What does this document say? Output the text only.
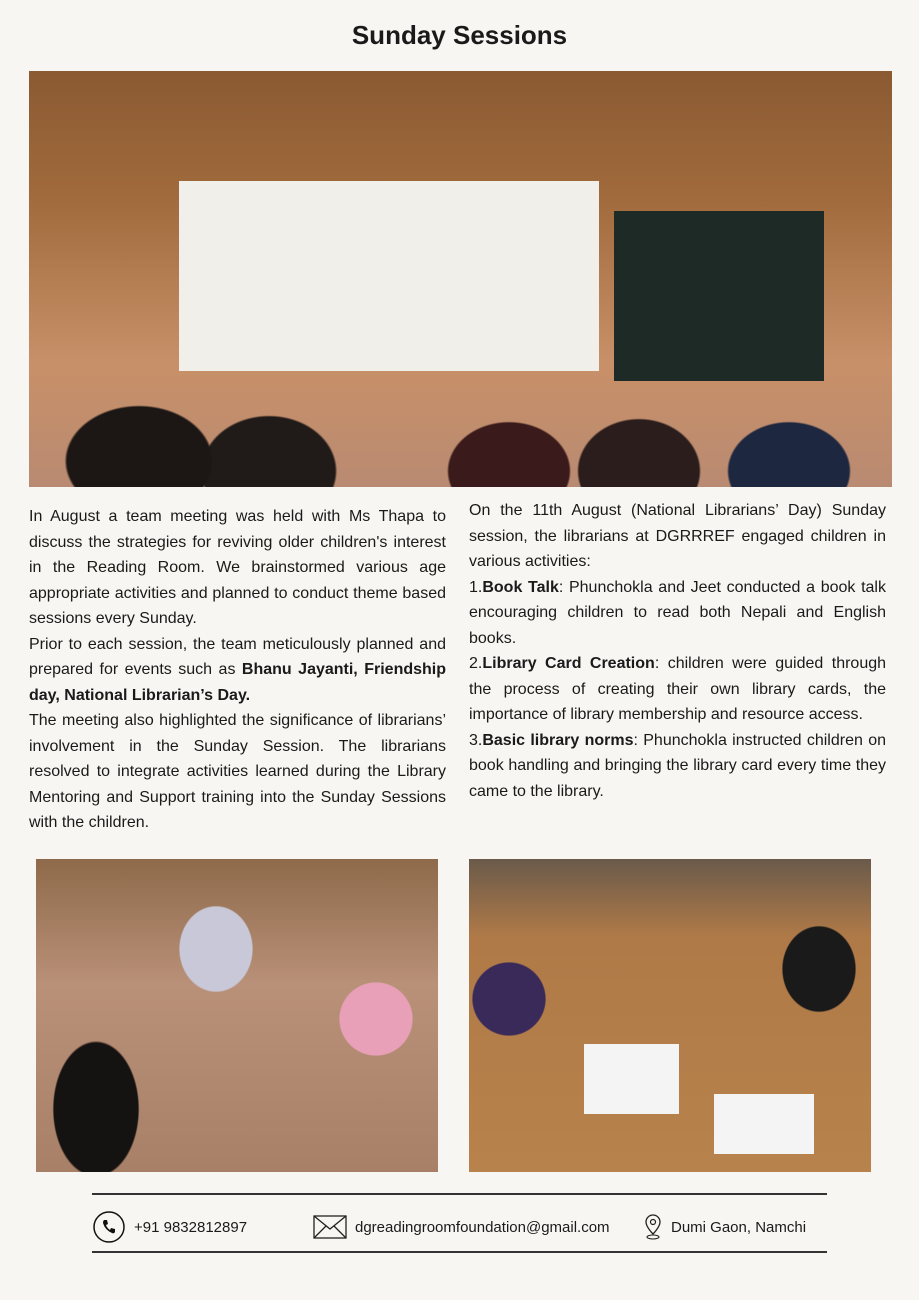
Sunday Sessions

In August a team meeting was held with Ms Thapa to discuss the strategies for reviving older children's interest in the Reading Room. We brainstormed various age appropriate activities and planned to conduct theme based sessions every Sunday.

Prior to each session, the team meticulously planned and prepared for events such as Bhanu Jayanti, Friendship day, National Librarian’s Day.

The meeting also highlighted the significance of librarians’ involvement in the Sunday Session. The librarians resolved to integrate activities learned during the Library Mentoring and Support training into the Sunday Sessions with the children.

On the 11th August (National Librarians’ Day) Sunday session, the librarians at DGRRREF engaged children in various activities:

1.Book Talk: Phunchokla and Jeet conducted a book talk encouraging children to read both Nepali and English books.

2.Library Card Creation: children were guided through the process of creating their own library cards, the importance of library membership and resource access.

3.Basic library norms: Phunchokla instructed children on book handling and bringing the library card every time they came to the library.

+91 9832812897	dgreadingroomfoundation@gmail.com	Dumi Gaon, Namchi
